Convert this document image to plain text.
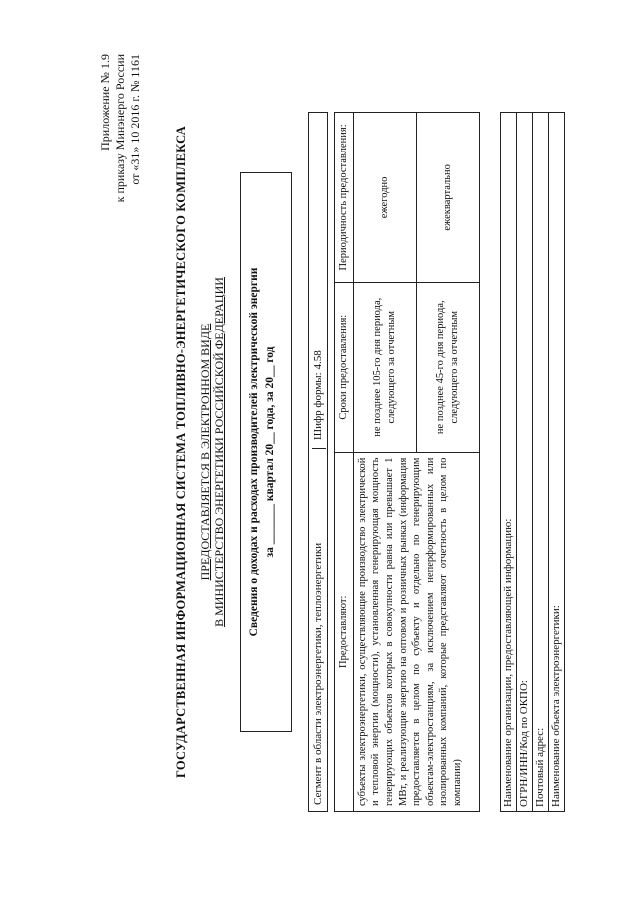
Приложение № 1.9 к приказу Минэнерго России от «31» 10 2016 г. № 1161
ГОСУДАРСТВЕННАЯ ИНФОРМАЦИОННАЯ СИСТЕМА ТОПЛИВНО-ЭНЕРГЕТИЧЕСКОГО КОМПЛЕКСА ПРЕДОСТАВЛЯЕТСЯ В ЭЛЕКТРОННОМ ВИДЕ В МИНИСТЕРСТВО ЭНЕРГЕТИКИ РОССИЙСКОЙ ФЕДЕРАЦИИ Сведения о доходах и расходах производителей электрической энергии за _______ квартал 20__ года, за 20__ год
Сегмент в области электроэнергетики, теплоэнергетики
Шифр формы: 4.58
Предоставляют:	Сроки предоставления:	Периодичность предоставления:
субъекты электроэнергетики, осуществляющие производство электрической и тепловой энергии (мощности), установленная генерирующая мощность генерирующих объектов которых в совокупности равна или превышает 1 МВт, и реализующие энергию на оптовом и розничных рынках (информация предоставляется в целом по субъекту и отдельно по генерирующим объектам-электростанциям, за исключением неперформированных или изолированных компаний, которые представляют отчетность в целом по компании)	не позднее 105-го дня периода, следующего за отчетным	ежегодно
	не позднее 45-го дня периода, следующего за отчетным	ежеквартально
Наименование организации, предоставляющей информацию: ОГРН/ИНН/Код по ОКПО: Почтовый адрес: Наименование объекта электроэнергетики:
